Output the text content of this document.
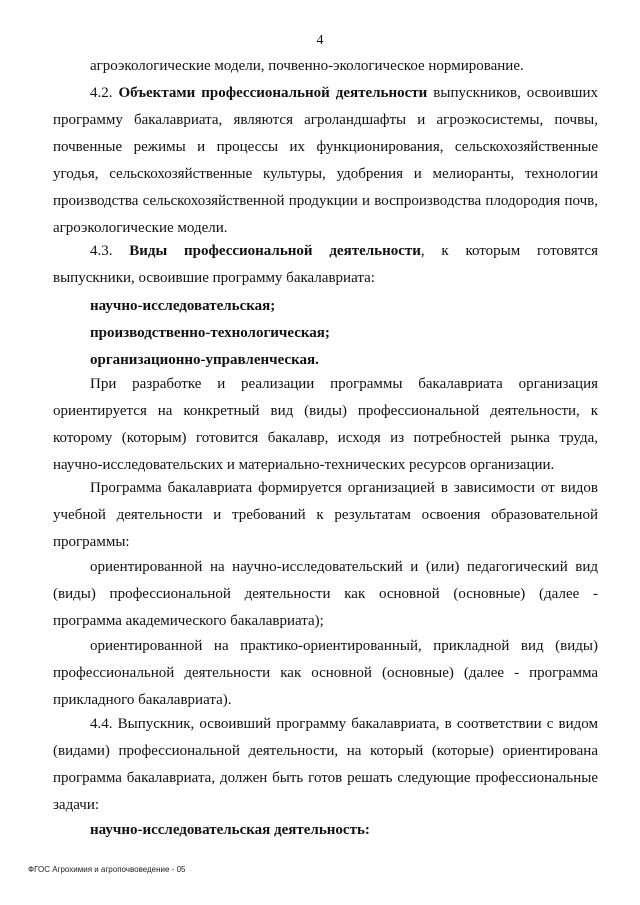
4

агроэкологические модели, почвенно-экологическое нормирование.

4.2. Объектами профессиональной деятельности выпускников, освоивших программу бакалавриата, являются агроландшафты и агроэкосистемы, почвы, почвенные режимы и процессы их функционирования, сельскохозяйственные угодья, сельскохозяйственные культуры, удобрения и мелиоранты, технологии производства сельскохозяйственной продукции и воспроизводства плодородия почв, агроэкологические модели.

4.3. Виды профессиональной деятельности, к которым готовятся выпускники, освоившие программу бакалавриата:

научно-исследовательская;

производственно-технологическая;

организационно-управленческая.

При разработке и реализации программы бакалавриата организация ориентируется на конкретный вид (виды) профессиональной деятельности, к которому (которым) готовится бакалавр, исходя из потребностей рынка труда, научно-исследовательских и материально-технических ресурсов организации.

Программа бакалавриата формируется организацией в зависимости от видов учебной деятельности и требований к результатам освоения образовательной программы:

ориентированной на научно-исследовательский и (или) педагогический вид (виды) профессиональной деятельности как основной (основные) (далее - программа академического бакалавриата);

ориентированной на практико-ориентированный, прикладной вид (виды) профессиональной деятельности как основной (основные) (далее - программа прикладного бакалавриата).

4.4. Выпускник, освоивший программу бакалавриата, в соответствии с видом (видами) профессиональной деятельности, на который (которые) ориентирована программа бакалавриата, должен быть готов решать следующие профессиональные задачи:

научно-исследовательская деятельность:

ФГОС Агрохимия и агропочвоведение - 05
